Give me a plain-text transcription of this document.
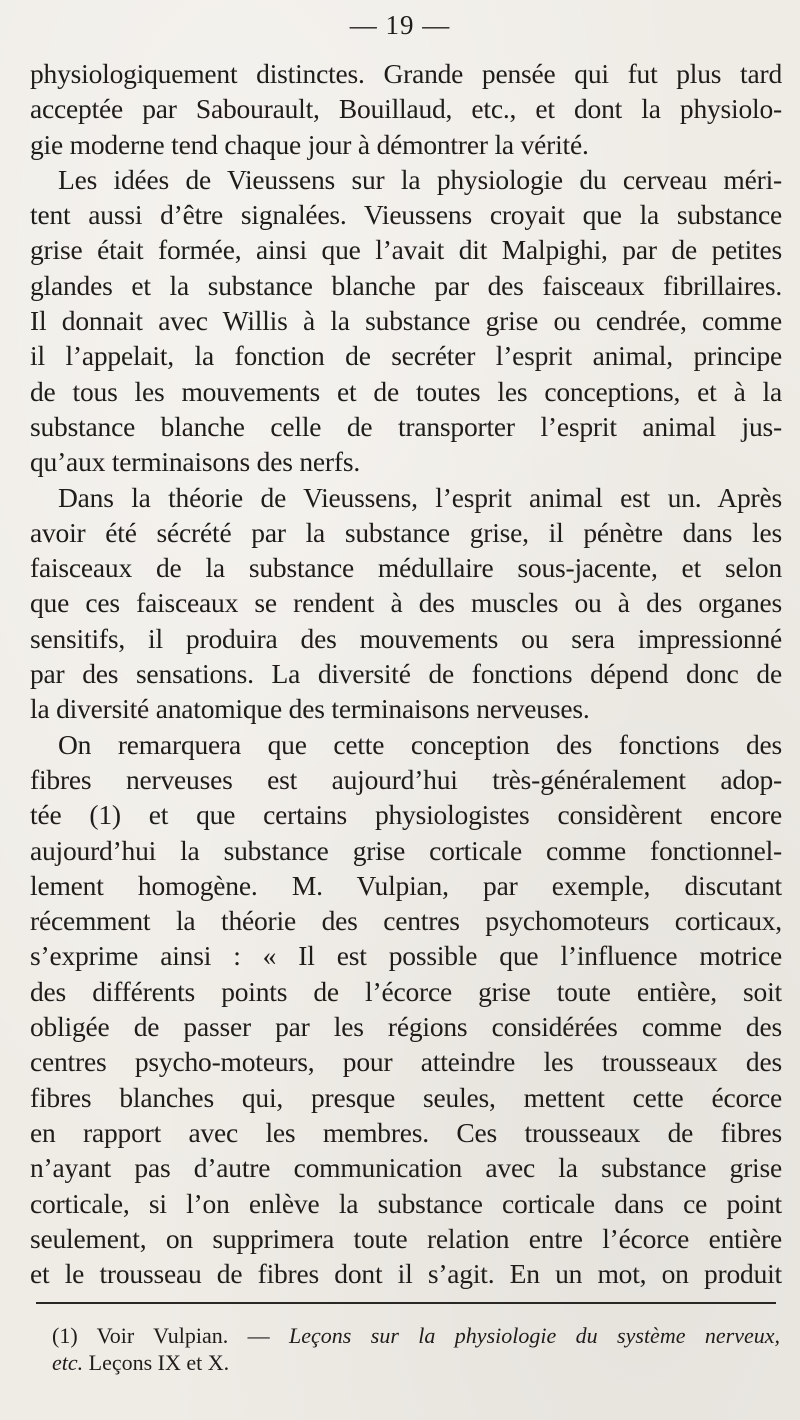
— 19 —
physiologiquement distinctes. Grande pensée qui fut plus tard
acceptée par Sabourault, Bouillaud, etc., et dont la physiolo-
gie moderne tend chaque jour à démontrer la vérité.
Les idées de Vieussens sur la physiologie du cerveau méri-
tent aussi d’être signalées. Vieussens croyait que la substance
grise était formée, ainsi que l’avait dit Malpighi, par de petites
glandes et la substance blanche par des faisceaux fibrillaires.
Il donnait avec Willis à la substance grise ou cendrée, comme
il l’appelait, la fonction de secréter l’esprit animal, principe
de tous les mouvements et de toutes les conceptions, et à la
substance blanche celle de transporter l’esprit animal jus-
qu’aux terminaisons des nerfs.
Dans la théorie de Vieussens, l’esprit animal est un. Après
avoir été sécrété par la substance grise, il pénètre dans les
faisceaux de la substance médullaire sous-jacente, et selon
que ces faisceaux se rendent à des muscles ou à des organes
sensitifs, il produira des mouvements ou sera impressionné
par des sensations. La diversité de fonctions dépend donc de
la diversité anatomique des terminaisons nerveuses.
On remarquera que cette conception des fonctions des
fibres nerveuses est aujourd’hui très-généralement adop-
tée (1) et que certains physiologistes considèrent encore
aujourd’hui la substance grise corticale comme fonctionnel-
lement homogène. M. Vulpian, par exemple, discutant
récemment la théorie des centres psychomoteurs corticaux,
s’exprime ainsi : « Il est possible que l’influence motrice
des différents points de l’écorce grise toute entière, soit
obligée de passer par les régions considérées comme des
centres psycho-moteurs, pour atteindre les trousseaux des
fibres blanches qui, presque seules, mettent cette écorce
en rapport avec les membres. Ces trousseaux de fibres
n’ayant pas d’autre communication avec la substance grise
corticale, si l’on enlève la substance corticale dans ce point
seulement, on supprimera toute relation entre l’écorce entière
et le trousseau de fibres dont il s’agit. En un mot, on produit
(1) Voir Vulpian. — Leçons sur la physiologie du système nerveux,
etc. Leçons IX et X.
